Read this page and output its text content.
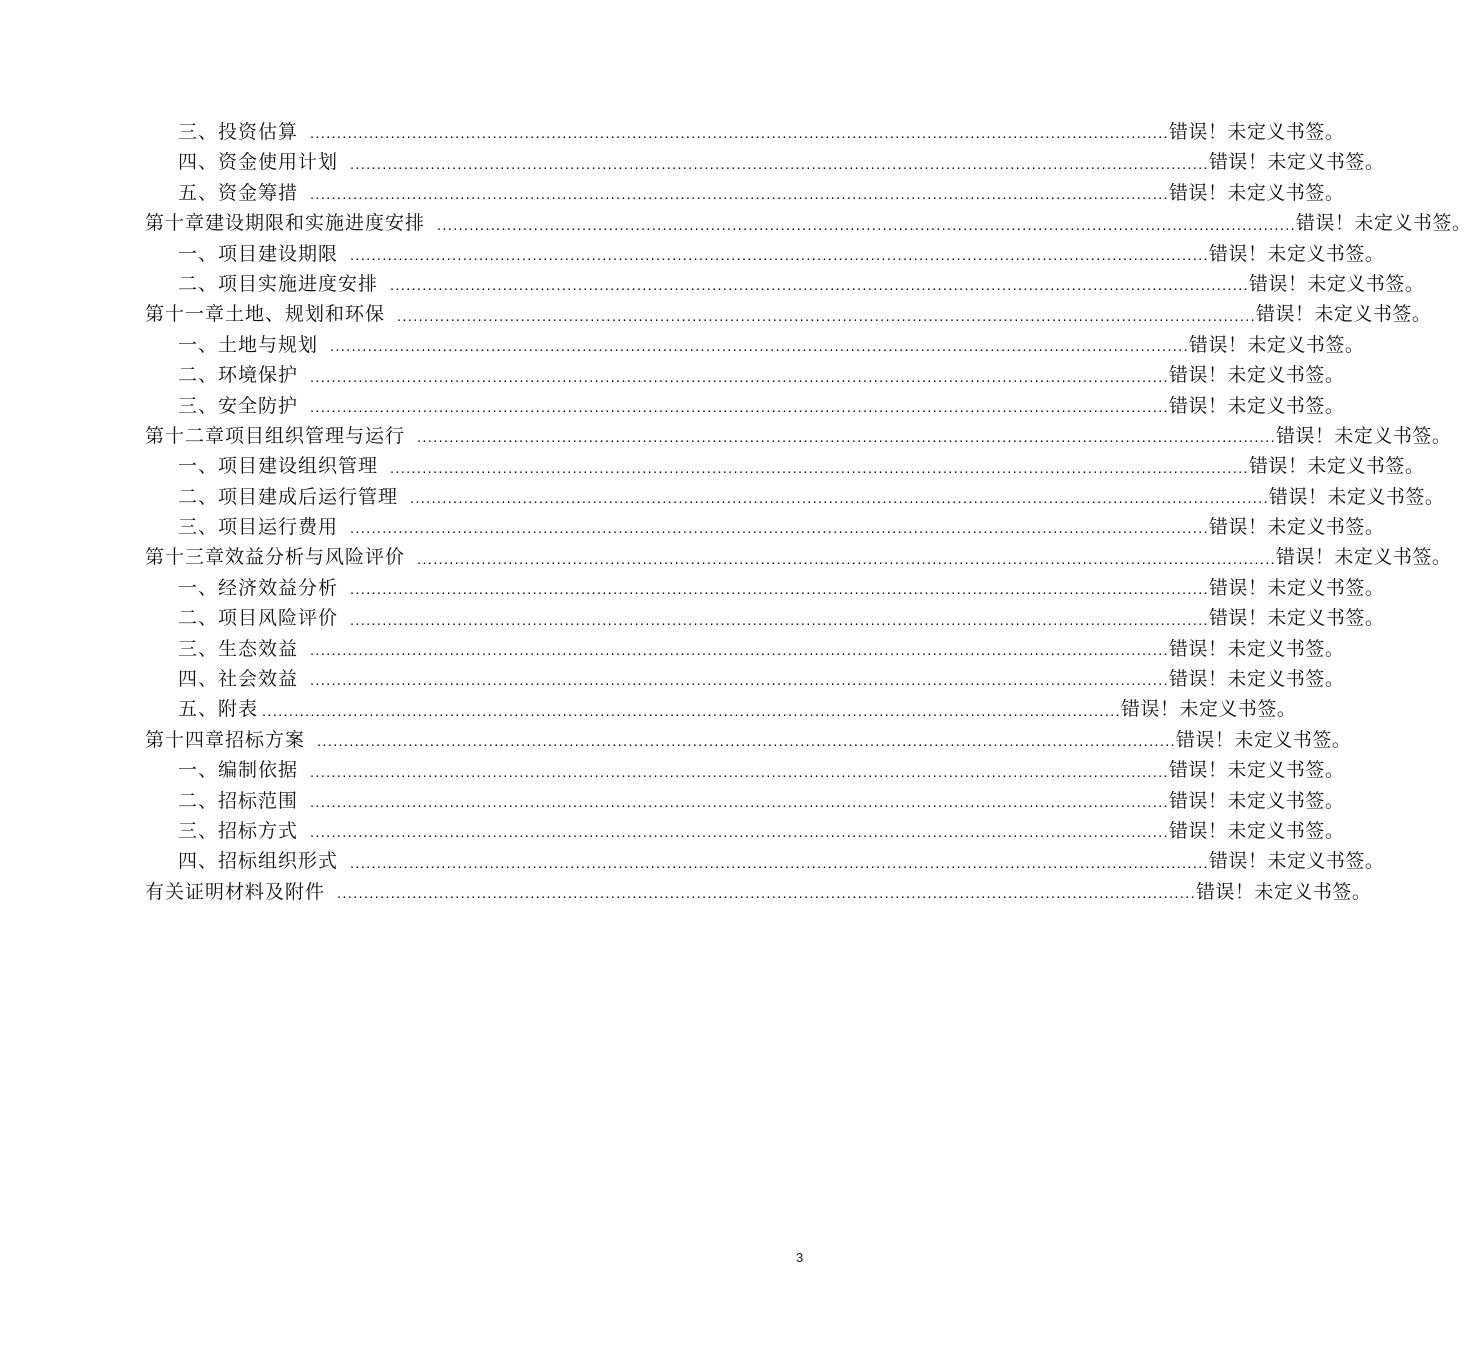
三、投资估算 ................................................................................................................................................................ 错误！未定义书签。
四、资金使用计划 ................................................................................................................................................................ 错误！未定义书签。
五、资金筹措 ................................................................................................................................................................ 错误！未定义书签。
第十章建设期限和实施进度安排 ................................................................................................................................................................ 错误！未定义书签。
一、项目建设期限 ................................................................................................................................................................ 错误！未定义书签。
二、项目实施进度安排 ................................................................................................................................................................ 错误！未定义书签。
第十一章土地、规划和环保 ................................................................................................................................................................ 错误！未定义书签。
一、土地与规划 ................................................................................................................................................................ 错误！未定义书签。
二、环境保护 ................................................................................................................................................................ 错误！未定义书签。
三、安全防护 ................................................................................................................................................................ 错误！未定义书签。
第十二章项目组织管理与运行 ................................................................................................................................................................ 错误！未定义书签。
一、项目建设组织管理 ................................................................................................................................................................ 错误！未定义书签。
二、项目建成后运行管理 ................................................................................................................................................................ 错误！未定义书签。
三、项目运行费用 ................................................................................................................................................................ 错误！未定义书签。
第十三章效益分析与风险评价 ................................................................................................................................................................ 错误！未定义书签。
一、经济效益分析 ................................................................................................................................................................ 错误！未定义书签。
二、项目风险评价 ................................................................................................................................................................ 错误！未定义书签。
三、生态效益 ................................................................................................................................................................ 错误！未定义书签。
四、社会效益 ................................................................................................................................................................ 错误！未定义书签。
五、附表 ................................................................................................................................................................ 错误！未定义书签。
第十四章招标方案 ................................................................................................................................................................ 错误！未定义书签。
一、编制依据 ................................................................................................................................................................ 错误！未定义书签。
二、招标范围 ................................................................................................................................................................ 错误！未定义书签。
三、招标方式 ................................................................................................................................................................ 错误！未定义书签。
四、招标组织形式 ................................................................................................................................................................ 错误！未定义书签。
有关证明材料及附件 ................................................................................................................................................................ 错误！未定义书签。
3
